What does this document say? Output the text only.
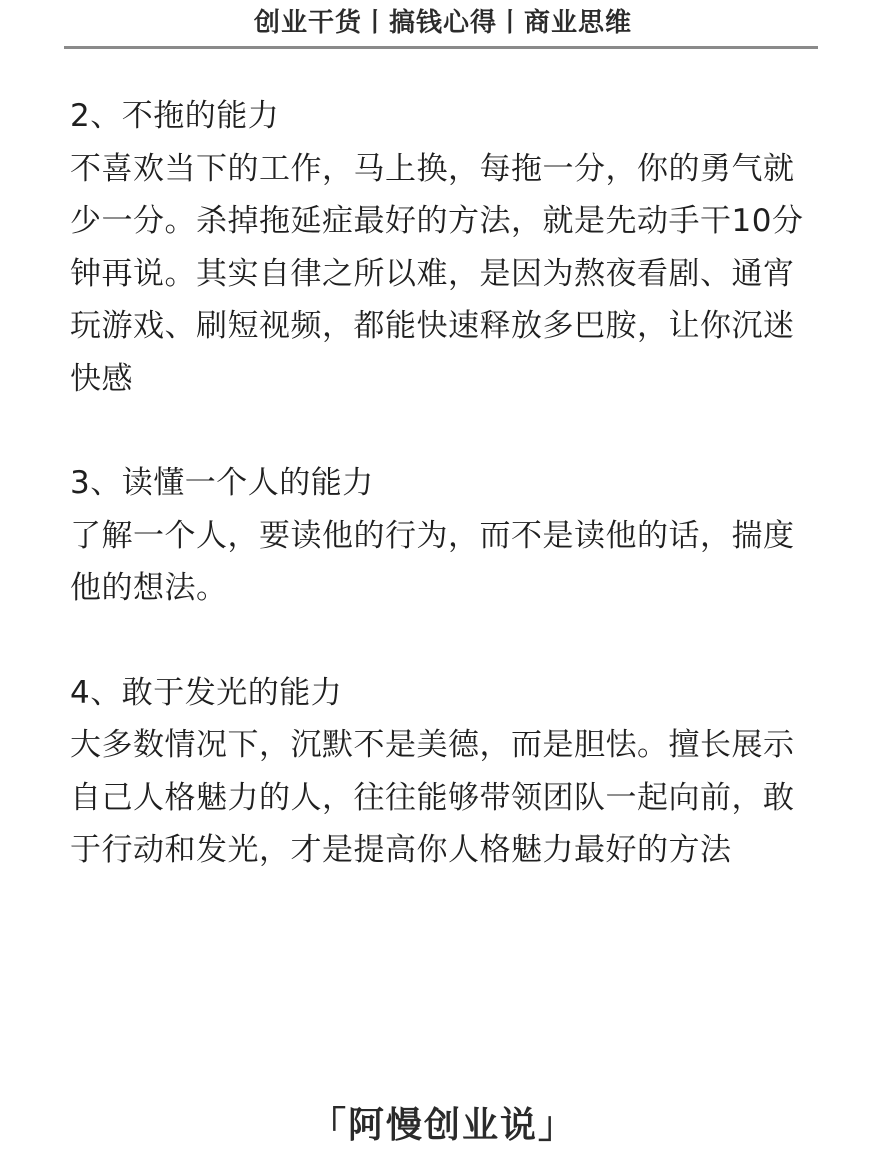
创业干货丨搞钱心得丨商业思维
2、不拖的能力
不喜欢当下的工作，马上换，每拖一分，你的勇气就少一分。杀掉拖延症最好的方法，就是先动手干10分钟再说。其实自律之所以难，是因为熬夜看剧、通宵玩游戏、刷短视频，都能快速释放多巴胺，让你沉迷快感
3、读懂一个人的能力
了解一个人，要读他的行为，而不是读他的话，揣度他的想法。
4、敢于发光的能力
大多数情况下，沉默不是美德，而是胆怯。擅长展示自己人格魅力的人，往往能够带领团队一起向前，敢于行动和发光，才是提高你人格魅力最好的方法
「阿慢创业说」
